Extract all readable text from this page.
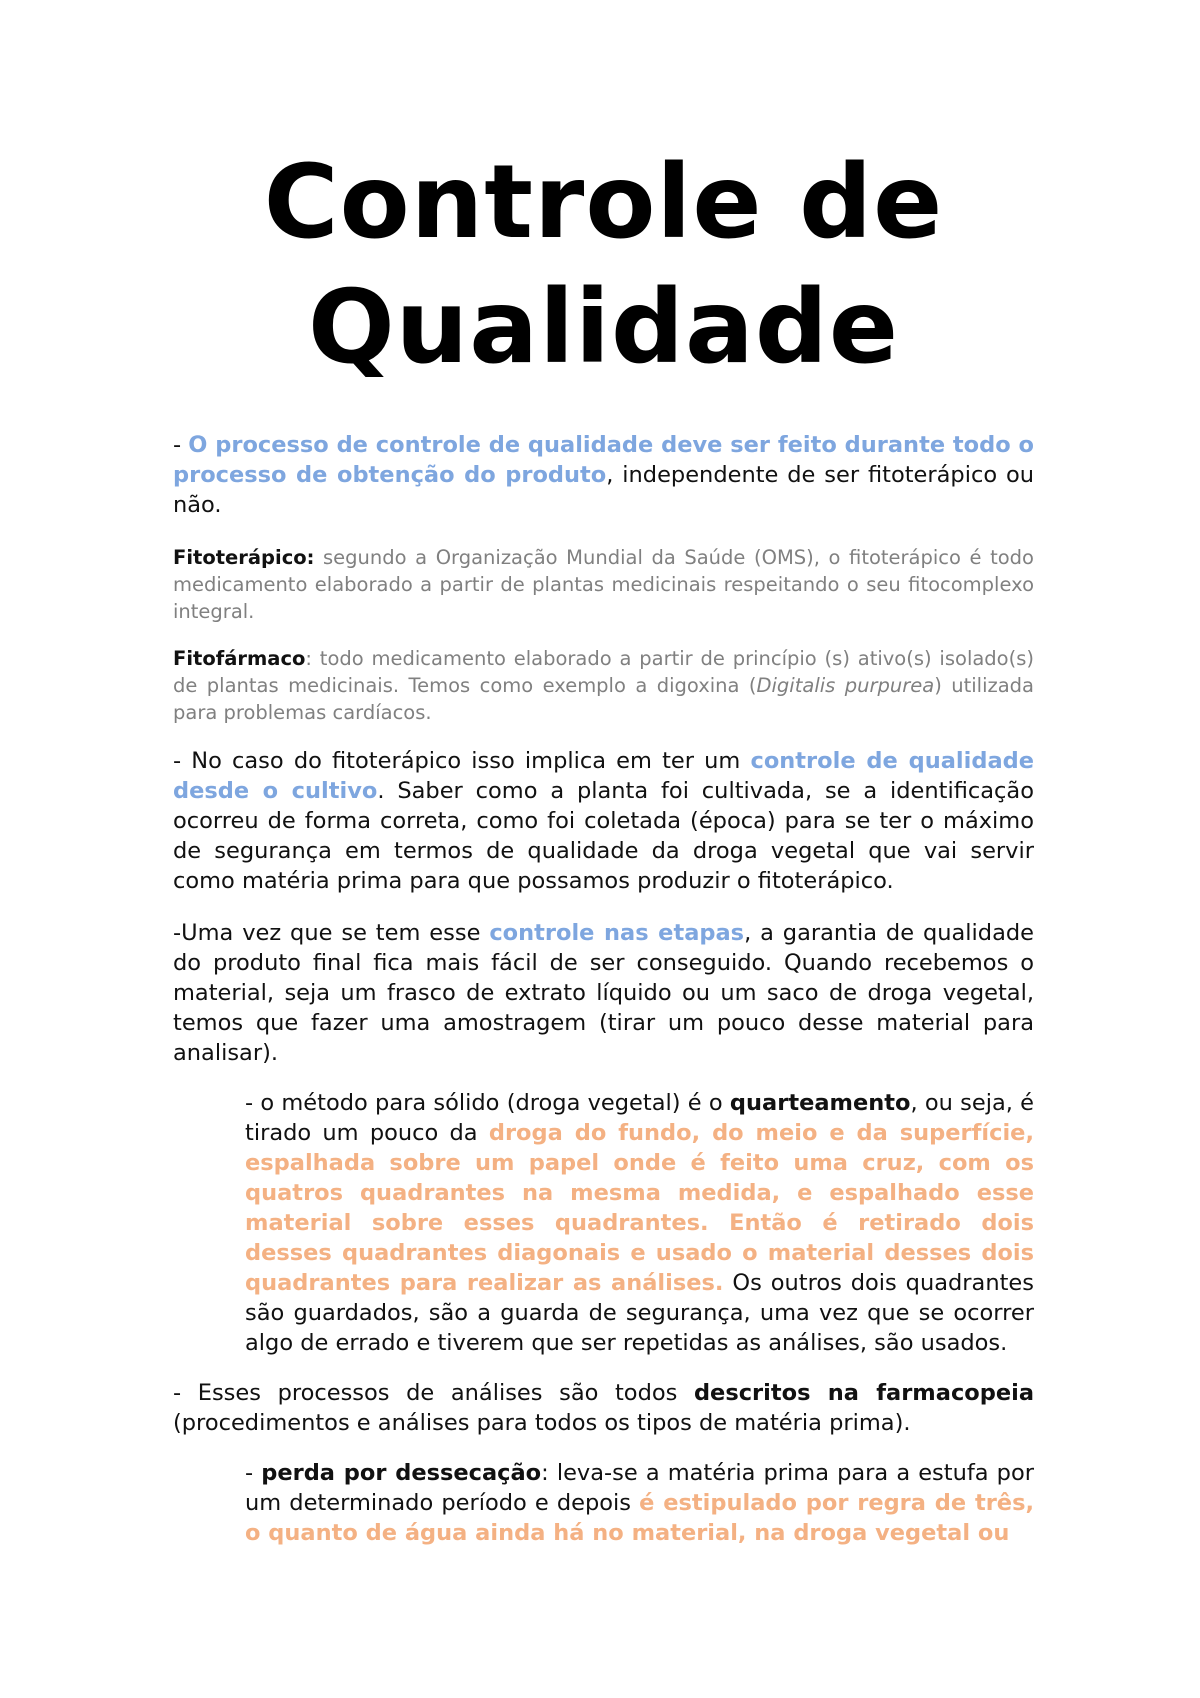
Controle de
Qualidade

- O processo de controle de qualidade deve ser feito durante todo o processo de obtenção do produto, independente de ser fitoterápico ou não.

Fitoterápico: segundo a Organização Mundial da Saúde (OMS), o fitoterápico é todo medicamento elaborado a partir de plantas medicinais respeitando o seu fitocomplexo integral.

Fitofármaco: todo medicamento elaborado a partir de princípio (s) ativo(s) isolado(s) de plantas medicinais. Temos como exemplo a digoxina (Digitalis purpurea) utilizada para problemas cardíacos.

- No caso do fitoterápico isso implica em ter um controle de qualidade desde o cultivo. Saber como a planta foi cultivada, se a identificação ocorreu de forma correta, como foi coletada (época) para se ter o máximo de segurança em termos de qualidade da droga vegetal que vai servir como matéria prima para que possamos produzir o fitoterápico.

-Uma vez que se tem esse controle nas etapas, a garantia de qualidade do produto final fica mais fácil de ser conseguido. Quando recebemos o material, seja um frasco de extrato líquido ou um saco de droga vegetal, temos que fazer uma amostragem (tirar um pouco desse material para analisar).

- o método para sólido (droga vegetal) é o quarteamento, ou seja, é tirado um pouco da droga do fundo, do meio e da superfície, espalhada sobre um papel onde é feito uma cruz, com os quatros quadrantes na mesma medida, e espalhado esse material sobre esses quadrantes. Então é retirado dois desses quadrantes diagonais e usado o material desses dois quadrantes para realizar as análises. Os outros dois quadrantes são guardados, são a guarda de segurança, uma vez que se ocorrer algo de errado e tiverem que ser repetidas as análises, são usados.

- Esses processos de análises são todos descritos na farmacopeia (procedimentos e análises para todos os tipos de matéria prima).

- perda por dessecação: leva-se a matéria prima para a estufa por um determinado período e depois é estipulado por regra de três, o quanto de água ainda há no material, na droga vegetal ou
